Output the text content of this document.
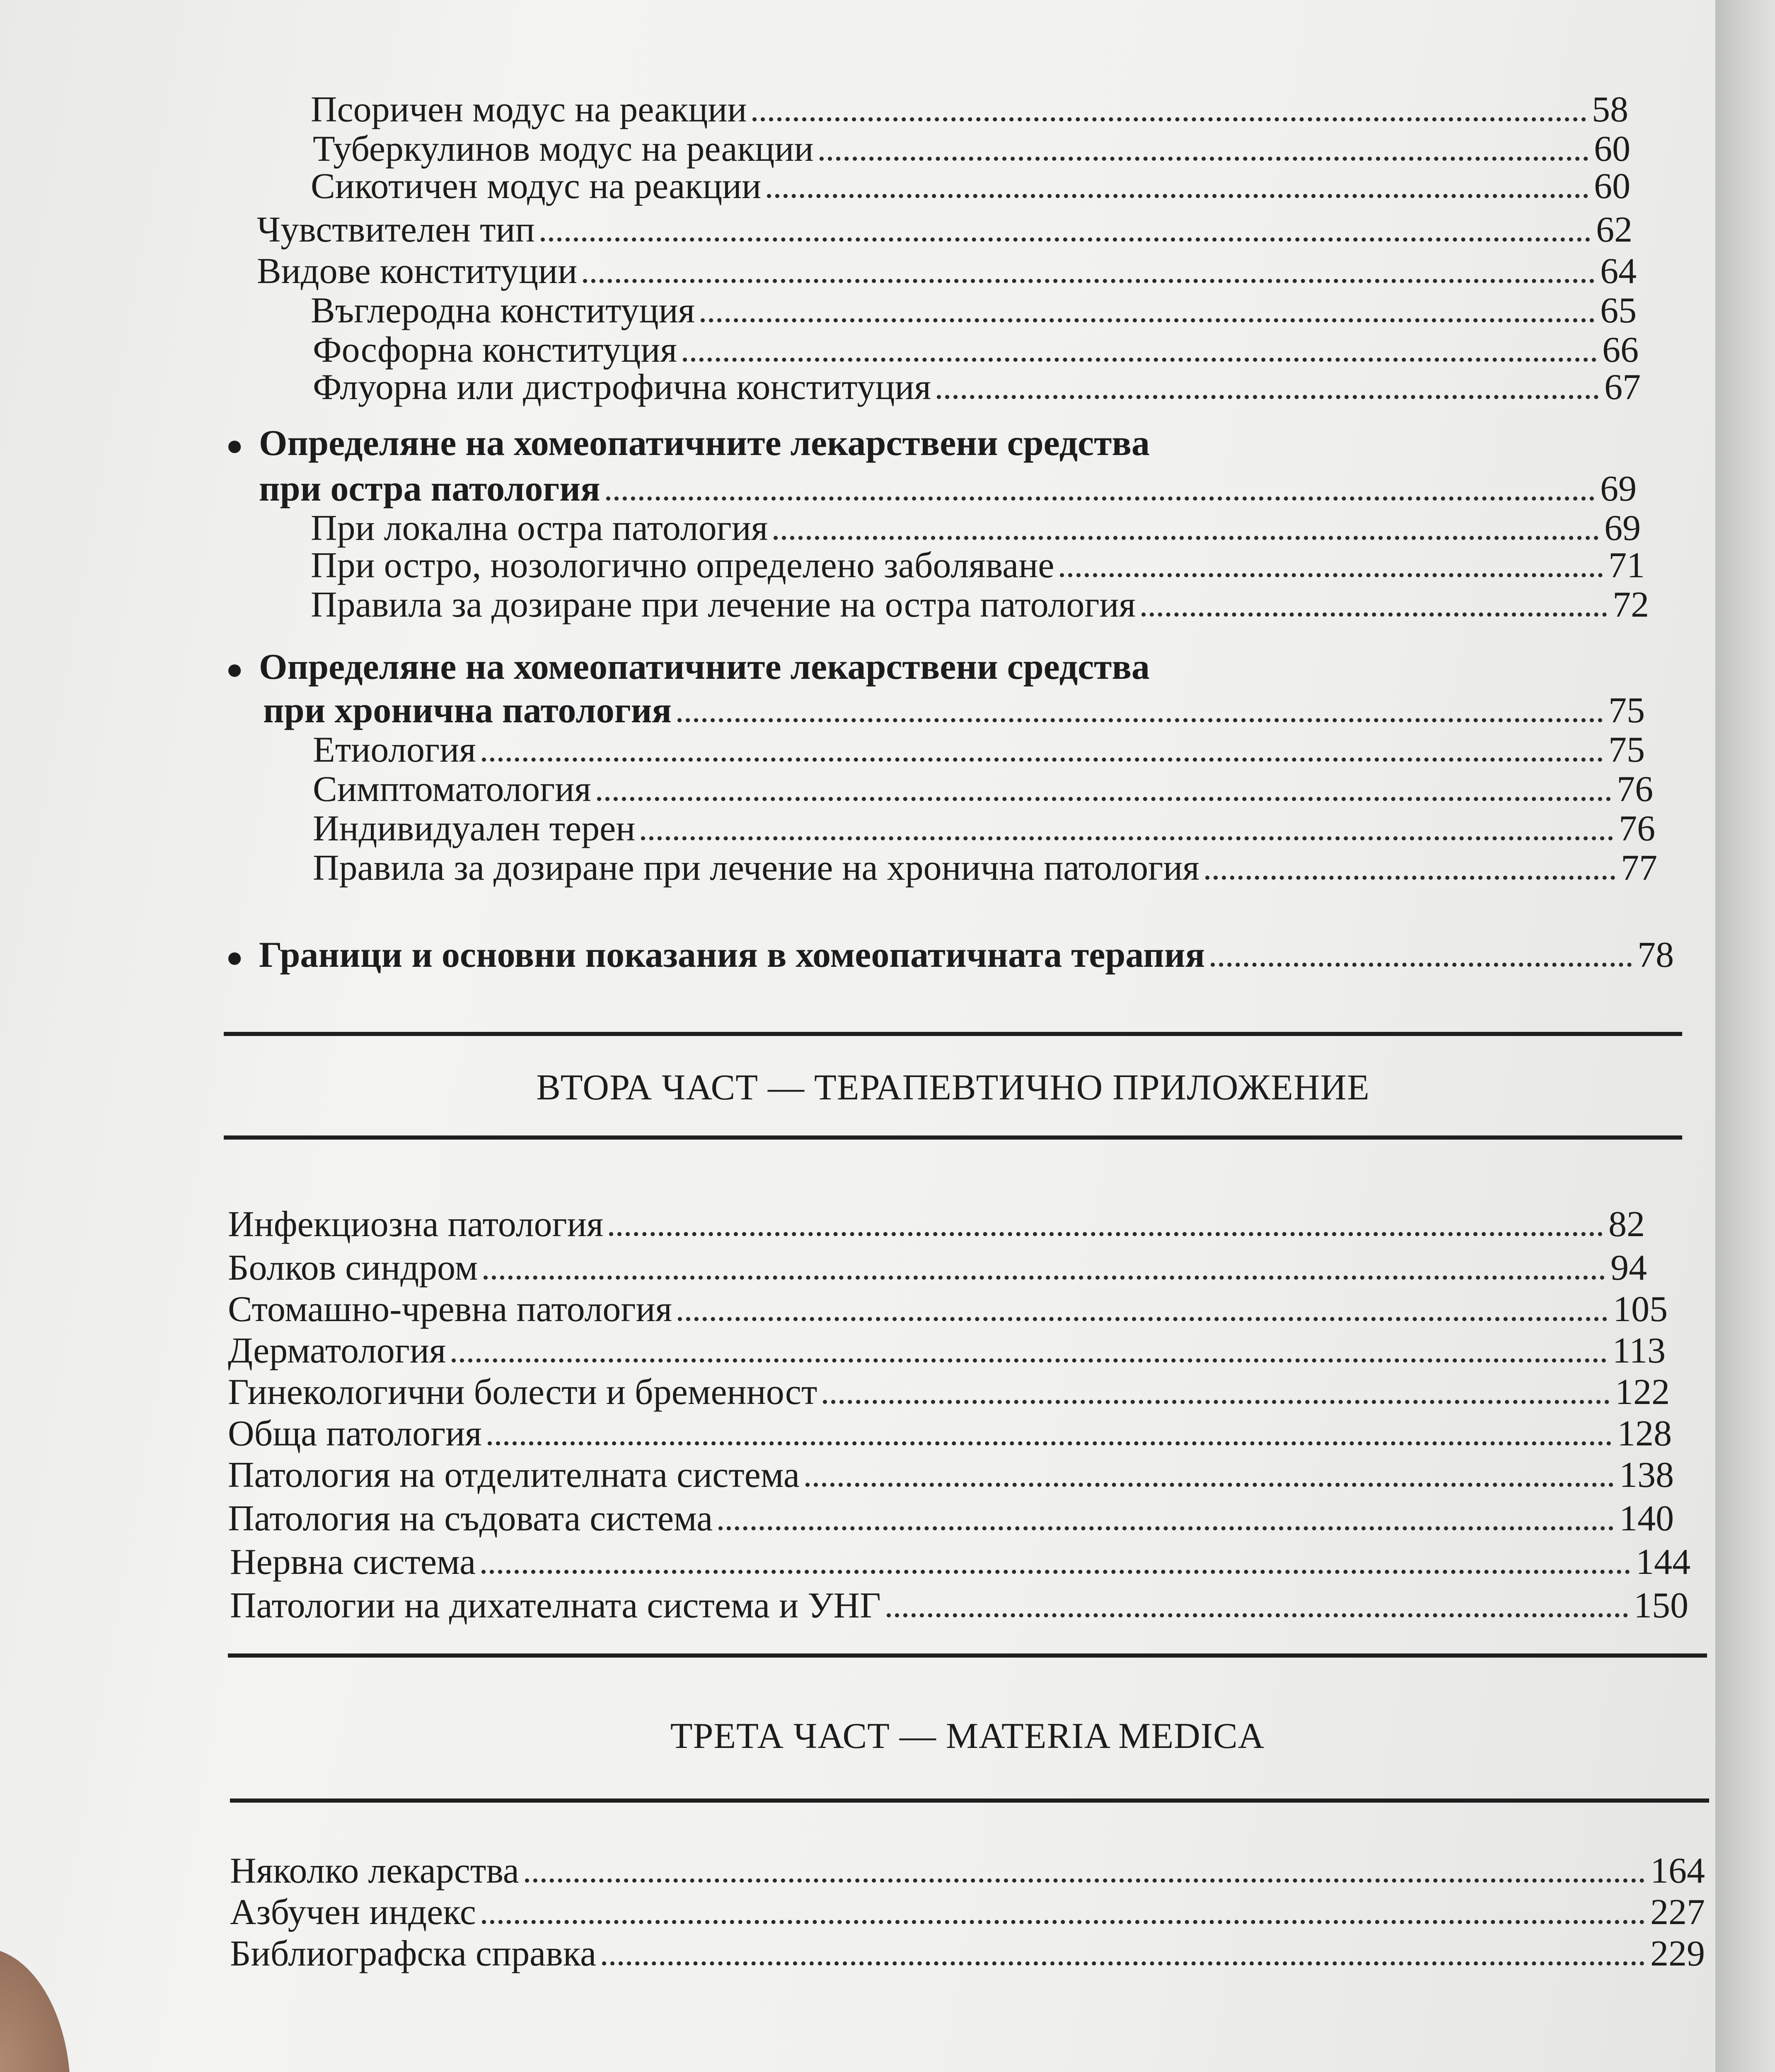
Псоричен модус на реакции	58
Туберкулинов модус на реакции	60
Сикотичен модус на реакции	60
Чувствителен тип	62
Видове конституции	64
Въглеродна конституция	65
Фосфорна конституция	66
Флуорна или дистрофична конституция	67
● Определяне на хомеопатичните лекарствени средства
при остра патология	69
При локална остра патология	69
При остро, нозологично определено заболяване	71
Правила за дозиране при лечение на остра патология	72
● Определяне на хомеопатичните лекарствени средства
при хронична патология	75
Етиология	75
Симптоматология	76
Индивидуален терен	76
Правила за дозиране при лечение на хронична патология	77
● Граници и основни показания в хомеопатичната терапия	78
ВТОРА ЧАСТ — ТЕРАПЕВТИЧНО ПРИЛОЖЕНИЕ
Инфекциозна патология	82
Болков синдром	94
Стомашно-чревна патология	105
Дерматология	113
Гинекологични болести и бременност	122
Обща патология	128
Патология на отделителната система	138
Патология на съдовата система	140
Нервна система	144
Патологии на дихателната система и УНГ	150
ТРЕТА ЧАСТ — MATERIA MEDICA
Няколко лекарства	164
Азбучен индекс	227
Библиографска справка	229
